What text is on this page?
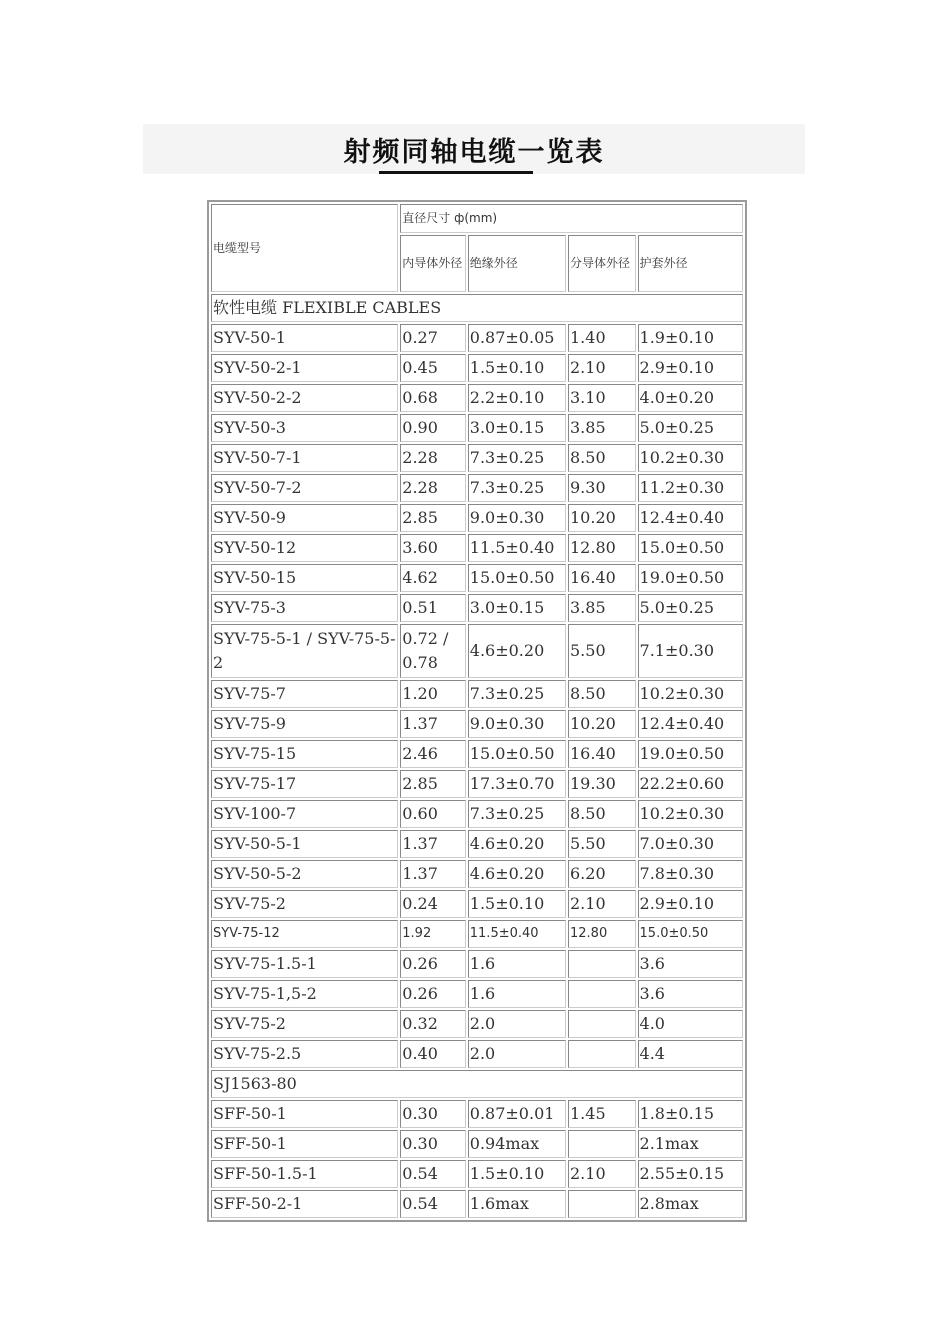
射频同轴电缆一览表
电缆型号	直径尺寸 ф(mm)			
	内导体外径	绝缘外径	分导体外径	护套外径
软性电缆 FLEXIBLE CABLES				
SYV-50-1	0.27	0.87±0.05	1.40	1.9±0.10
SYV-50-2-1	0.45	1.5±0.10	2.10	2.9±0.10
SYV-50-2-2	0.68	2.2±0.10	3.10	4.0±0.20
SYV-50-3	0.90	3.0±0.15	3.85	5.0±0.25
SYV-50-7-1	2.28	7.3±0.25	8.50	10.2±0.30
SYV-50-7-2	2.28	7.3±0.25	9.30	11.2±0.30
SYV-50-9	2.85	9.0±0.30	10.20	12.4±0.40
SYV-50-12	3.60	11.5±0.40	12.80	15.0±0.50
SYV-50-15	4.62	15.0±0.50	16.40	19.0±0.50
SYV-75-3	0.51	3.0±0.15	3.85	5.0±0.25
SYV-75-5-1 / SYV-75-5-2	0.72 / 0.78	4.6±0.20	5.50	7.1±0.30
SYV-75-7	1.20	7.3±0.25	8.50	10.2±0.30
SYV-75-9	1.37	9.0±0.30	10.20	12.4±0.40
SYV-75-15	2.46	15.0±0.50	16.40	19.0±0.50
SYV-75-17	2.85	17.3±0.70	19.30	22.2±0.60
SYV-100-7	0.60	7.3±0.25	8.50	10.2±0.30
SYV-50-5-1	1.37	4.6±0.20	5.50	7.0±0.30
SYV-50-5-2	1.37	4.6±0.20	6.20	7.8±0.30
SYV-75-2	0.24	1.5±0.10	2.10	2.9±0.10
SYV-75-12	1.92	11.5±0.40	12.80	15.0±0.50
SYV-75-1.5-1	0.26	1.6		3.6
SYV-75-1,5-2	0.26	1.6		3.6
SYV-75-2	0.32	2.0		4.0
SYV-75-2.5	0.40	2.0		4.4
SJ1563-80				
SFF-50-1	0.30	0.87±0.01	1.45	1.8±0.15
SFF-50-1	0.30	0.94max		2.1max
SFF-50-1.5-1	0.54	1.5±0.10	2.10	2.55±0.15
SFF-50-2-1	0.54	1.6max		2.8max
